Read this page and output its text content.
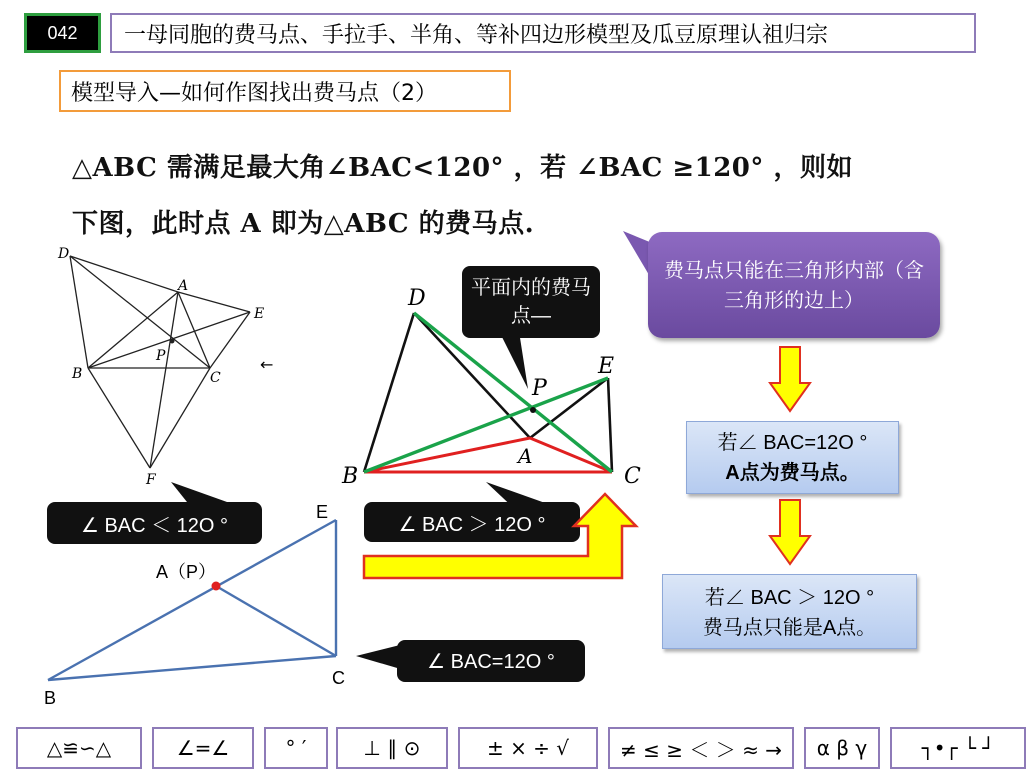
042	一母同胞的费马点、手拉手、半角、等补四边形模型及瓜豆原理认祖归宗
模型导入—如何作图找出费马点（2）
△ABC 需满足最大角∠BAC<120° ，若 ∠BAC ≥120° ，则如
下图，此时点 A 即为△ABC 的费马点.
费马点只能在三角形内部（含三角形的边上）
若∠ BAC=12O °
A点为费马点。
若∠ BAC ＞ 12O °
费马点只能是A点。
D
A
E
P
B	C
F
←
D
P
E
A
B	C
平面内的费马点—
∠ BAC ＜ 12O °	∠ BAC ＞ 12O °
∠ BAC=12O °
E
A（P）
B
C
△≌∽△	∠=∠	° ′	⊥ ∥ ⊙	± × ÷ √	≠ ≤ ≥ ＜ ＞ ≈ →	α β γ	┐•┌ └ ┘
